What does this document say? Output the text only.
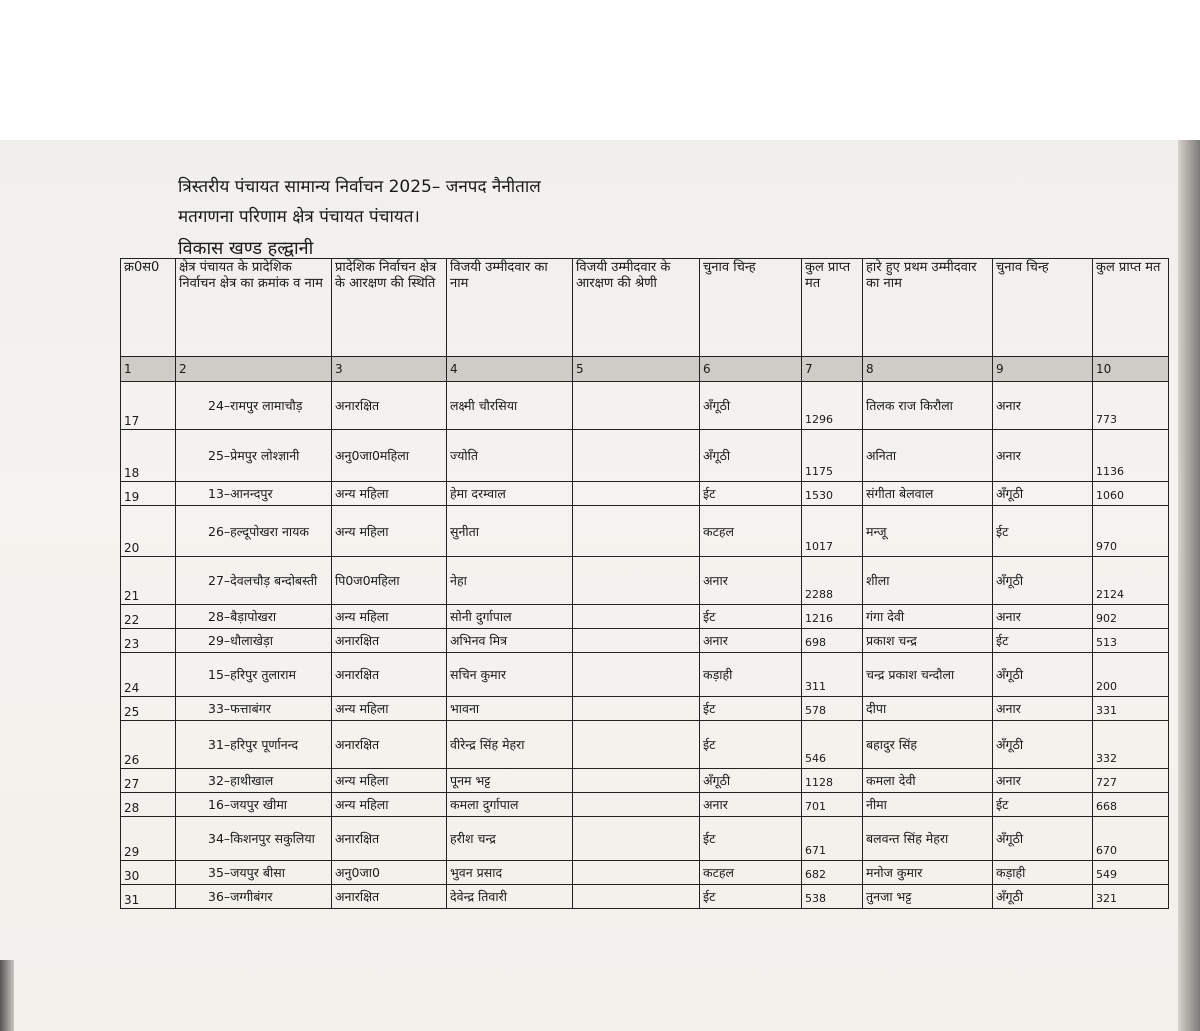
त्रिस्तरीय पंचायत सामान्य निर्वाचन 2025– जनपद नैनीताल
मतगणना परिणाम क्षेत्र पंचायत पंचायत।
विकास खण्ड हल्द्वानी
क्र0स0	क्षेत्र पंचायत के प्रादेशिक निर्वाचन क्षेत्र का क्रमांक व नाम	प्रादेशिक निर्वाचन क्षेत्र के आरक्षण की स्थिति	विजयी उम्मीदवार का नाम	विजयी उम्मीदवार के आरक्षण की श्रेणी	चुनाव चिन्ह	कुल प्राप्त मत	हारे हुए प्रथम उम्मीदवार का नाम	चुनाव चिन्ह	कुल प्राप्त मत
1	2	3	4	5	6	7	8	9	10
17	24–रामपुर लामाचौड़	अनारक्षित	लक्ष्मी चौरसिया		अँगूठी	1296	तिलक राज किरौला	अनार	773
18	25–प्रेमपुर लोश्ज्ञानी	अनु0जा0महिला	ज्योति		अँगूठी	1175	अनिता	अनार	1136
19	13–आनन्दपुर	अन्य महिला	हेमा दरम्वाल		ईट	1530	संगीता बेलवाल	अँगूठी	1060
20	26–हल्दूपोखरा नायक	अन्य महिला	सुनीता		कटहल	1017	मन्जू	ईट	970
21	27–देवलचौड़ बन्दोबस्ती	पि0ज0महिला	नेहा		अनार	2288	शीला	अँगूठी	2124
22	28–बैड़ापोखरा	अन्य महिला	सोनी दुर्गापाल		ईट	1216	गंगा देवी	अनार	902
23	29–धौलाखेड़ा	अनारक्षित	अभिनव मित्र		अनार	698	प्रकाश चन्द्र	ईट	513
24	15–हरिपुर तुलाराम	अनारक्षित	सचिन कुमार		कड़ाही	311	चन्द्र प्रकाश चन्दौला	अँगूठी	200
25	33–फत्ताबंगर	अन्य महिला	भावना		ईट	578	दीपा	अनार	331
26	31–हरिपुर पूर्णानन्द	अनारक्षित	वीरेन्द्र सिंह मेहरा		ईट	546	बहादुर सिंह	अँगूठी	332
27	32–हाथीखाल	अन्य महिला	पूनम भट्ट		अँगूठी	1128	कमला देवी	अनार	727
28	16–जयपुर खीमा	अन्य महिला	कमला दुर्गापाल		अनार	701	नीमा	ईट	668
29	34–किशनपुर सकुलिया	अनारक्षित	हरीश चन्द्र		ईट	671	बलवन्त सिंह मेहरा	अँगूठी	670
30	35–जयपुर बीसा	अनु0जा0	भुवन प्रसाद		कटहल	682	मनोज कुमार	कड़ाही	549
31	36–जग्गीबंगर	अनारक्षित	देवेन्द्र तिवारी		ईट	538	तुनजा भट्ट	अँगूठी	321
